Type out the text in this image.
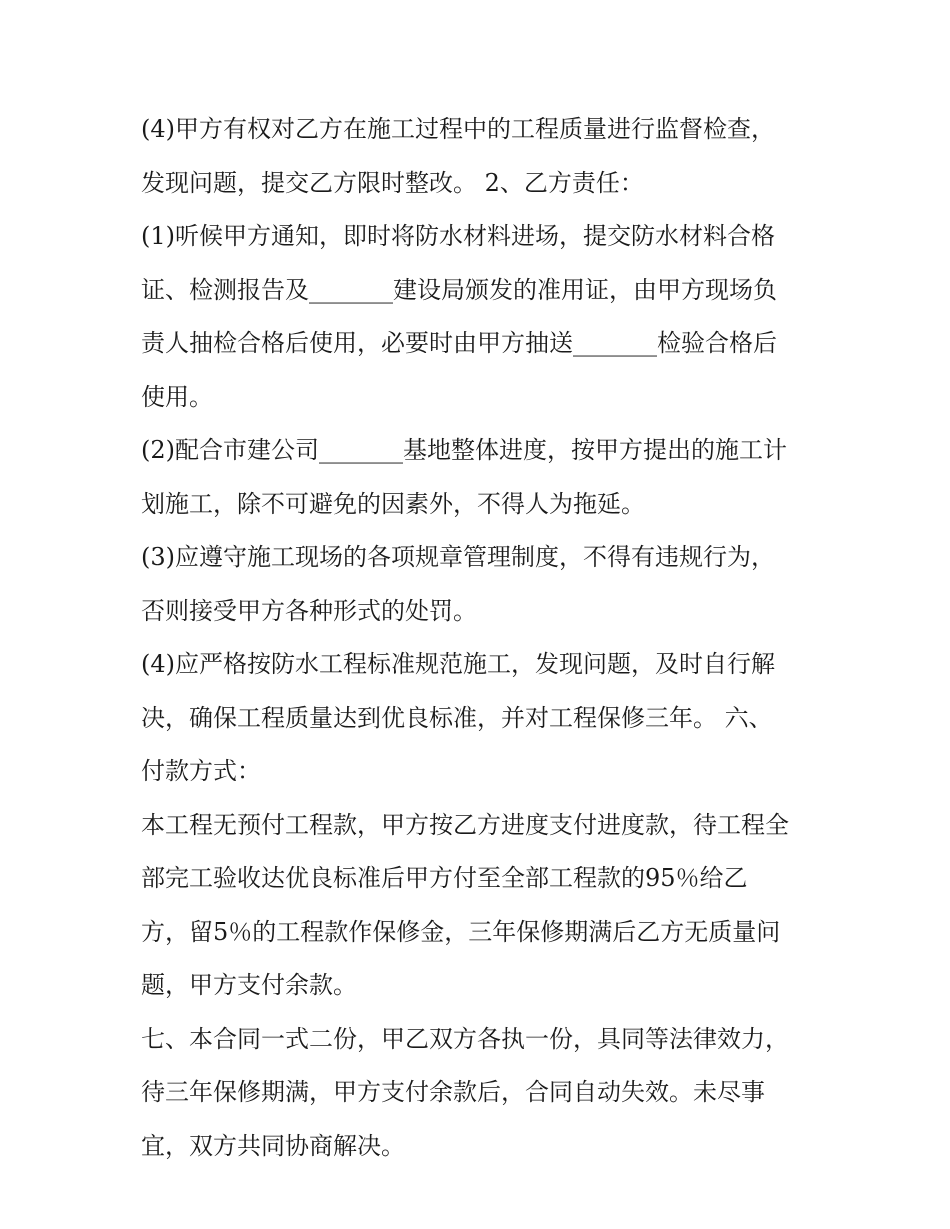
(4)甲方有权对乙方在施工过程中的工程质量进行监督检查，
发现问题，提交乙方限时整改。 2、乙方责任：
(1)听候甲方通知，即时将防水材料进场，提交防水材料合格
证、检测报告及_______建设局颁发的准用证，由甲方现场负
责人抽检合格后使用，必要时由甲方抽送_______检验合格后
使用。
(2)配合市建公司_______基地整体进度，按甲方提出的施工计
划施工，除不可避免的因素外，不得人为拖延。
(3)应遵守施工现场的各项规章管理制度，不得有违规行为，
否则接受甲方各种形式的处罚。
(4)应严格按防水工程标准规范施工，发现问题，及时自行解
决，确保工程质量达到优良标准，并对工程保修三年。 六、
付款方式：
本工程无预付工程款，甲方按乙方进度支付进度款，待工程全
部完工验收达优良标准后甲方付至全部工程款的95％给乙
方，留5％的工程款作保修金，三年保修期满后乙方无质量问
题，甲方支付余款。
七、本合同一式二份，甲乙双方各执一份，具同等法律效力，
待三年保修期满，甲方支付余款后，合同自动失效。未尽事
宜，双方共同协商解决。
